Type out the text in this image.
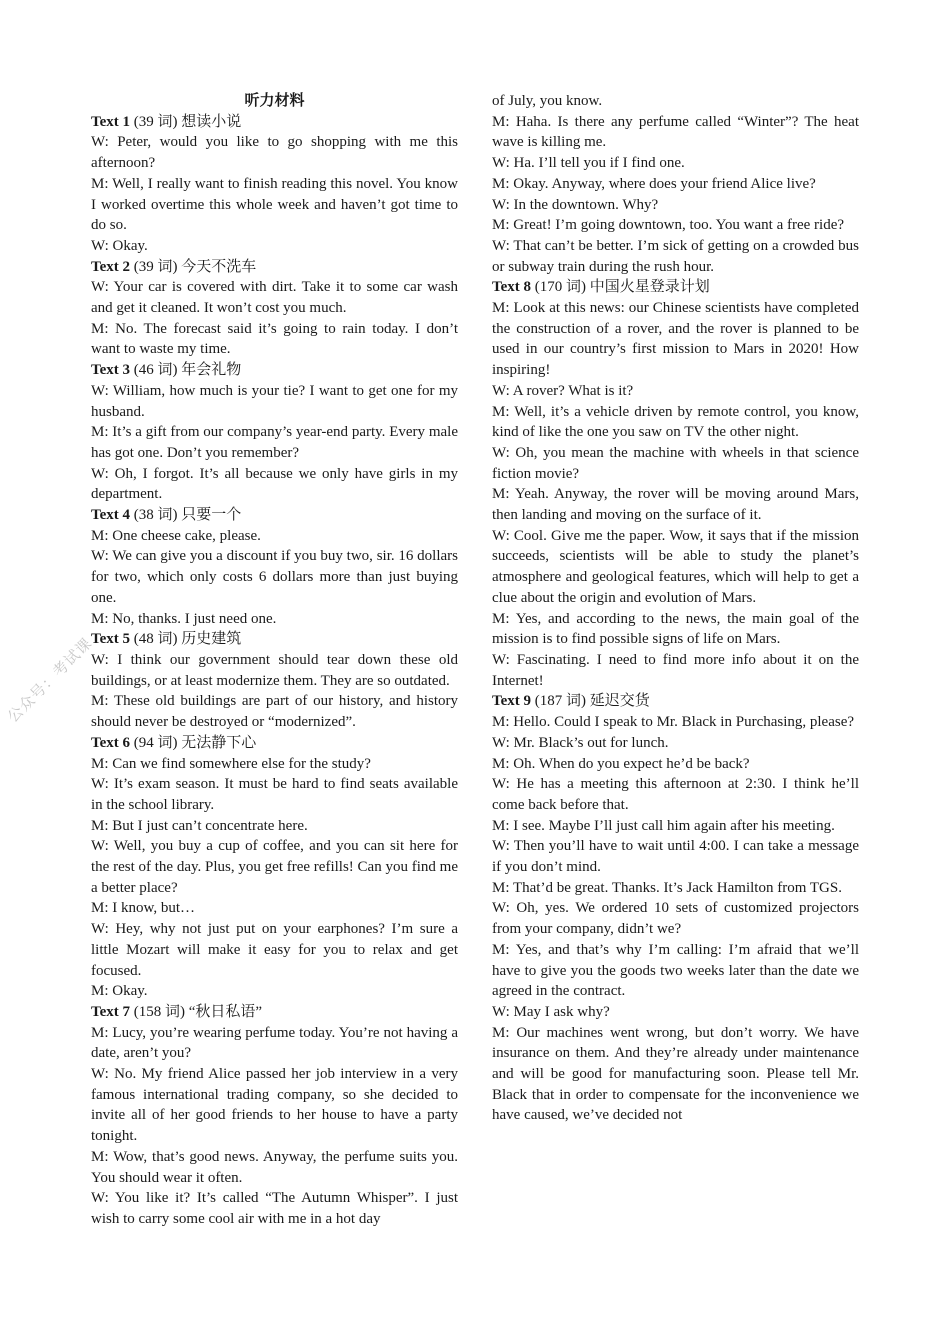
公众号：考试课

听力材料

Text 1 (39 词) 想读小说

W: Peter, would you like to go shopping with me this afternoon?

M: Well, I really want to finish reading this novel. You know I worked overtime this whole week and haven’t got time to do so.

W: Okay.

Text 2 (39 词) 今天不洗车

W: Your car is covered with dirt. Take it to some car wash and get it cleaned. It won’t cost you much.

M: No. The forecast said it’s going to rain today. I don’t want to waste my time.

Text 3 (46 词) 年会礼物

W: William, how much is your tie? I want to get one for my husband.

M: It’s a gift from our company’s year-end party. Every male has got one. Don’t you remember?

W: Oh, I forgot. It’s all because we only have girls in my department.

Text 4 (38 词) 只要一个

M: One cheese cake, please.

W: We can give you a discount if you buy two, sir. 16 dollars for two, which only costs 6 dollars more than just buying one.

M: No, thanks. I just need one.

Text 5 (48 词) 历史建筑

W: I think our government should tear down these old buildings, or at least modernize them. They are so outdated.

M: These old buildings are part of our history, and history should never be destroyed or “modernized”.

Text 6 (94 词) 无法静下心

M: Can we find somewhere else for the study?

W: It’s exam season. It must be hard to find seats available in the school library.

M: But I just can’t concentrate here.

W: Well, you buy a cup of coffee, and you can sit here for the rest of the day. Plus, you get free refills! Can you find me a better place?

M: I know, but…

W: Hey, why not just put on your earphones? I’m sure a little Mozart will make it easy for you to relax and get focused.

M: Okay.

Text 7 (158 词) “秋日私语”

M: Lucy, you’re wearing perfume today. You’re not having a date, aren’t you?

W: No. My friend Alice passed her job interview in a very famous international trading company, so she decided to invite all of her good friends to her house to have a party tonight.

M: Wow, that’s good news. Anyway, the perfume suits you. You should wear it often.

W: You like it? It’s called “The Autumn Whisper”. I just wish to carry some cool air with me in a hot day

of July, you know.

M: Haha. Is there any perfume called “Winter”? The heat wave is killing me.

W: Ha. I’ll tell you if I find one.

M: Okay. Anyway, where does your friend Alice live?

W: In the downtown. Why?

M: Great! I’m going downtown, too. You want a free ride?

W: That can’t be better. I’m sick of getting on a crowded bus or subway train during the rush hour.

Text 8 (170 词) 中国火星登录计划

M: Look at this news: our Chinese scientists have completed the construction of a rover, and the rover is planned to be used in our country’s first mission to Mars in 2020! How inspiring!

W: A rover? What is it?

M: Well, it’s a vehicle driven by remote control, you know, kind of like the one you saw on TV the other night.

W: Oh, you mean the machine with wheels in that science fiction movie?

M: Yeah. Anyway, the rover will be moving around Mars, then landing and moving on the surface of it.

W: Cool. Give me the paper. Wow, it says that if the mission succeeds, scientists will be able to study the planet’s atmosphere and geological features, which will help to get a clue about the origin and evolution of Mars.

M: Yes, and according to the news, the main goal of the mission is to find possible signs of life on Mars.

W: Fascinating. I need to find more info about it on the Internet!

Text 9 (187 词) 延迟交货

M: Hello. Could I speak to Mr. Black in Purchasing, please?

W: Mr. Black’s out for lunch.

M: Oh. When do you expect he’d be back?

W: He has a meeting this afternoon at 2:30. I think he’ll come back before that.

M: I see. Maybe I’ll just call him again after his meeting.

W: Then you’ll have to wait until 4:00. I can take a message if you don’t mind.

M: That’d be great. Thanks. It’s Jack Hamilton from TGS.

W: Oh, yes. We ordered 10 sets of customized projectors from your company, didn’t we?

M: Yes, and that’s why I’m calling: I’m afraid that we’ll have to give you the goods two weeks later than the date we agreed in the contract.

W: May I ask why?

M: Our machines went wrong, but don’t worry. We have insurance on them. And they’re already under maintenance and will be good for manufacturing soon. Please tell Mr. Black that in order to compensate for the inconvenience we have caused, we’ve decided not
